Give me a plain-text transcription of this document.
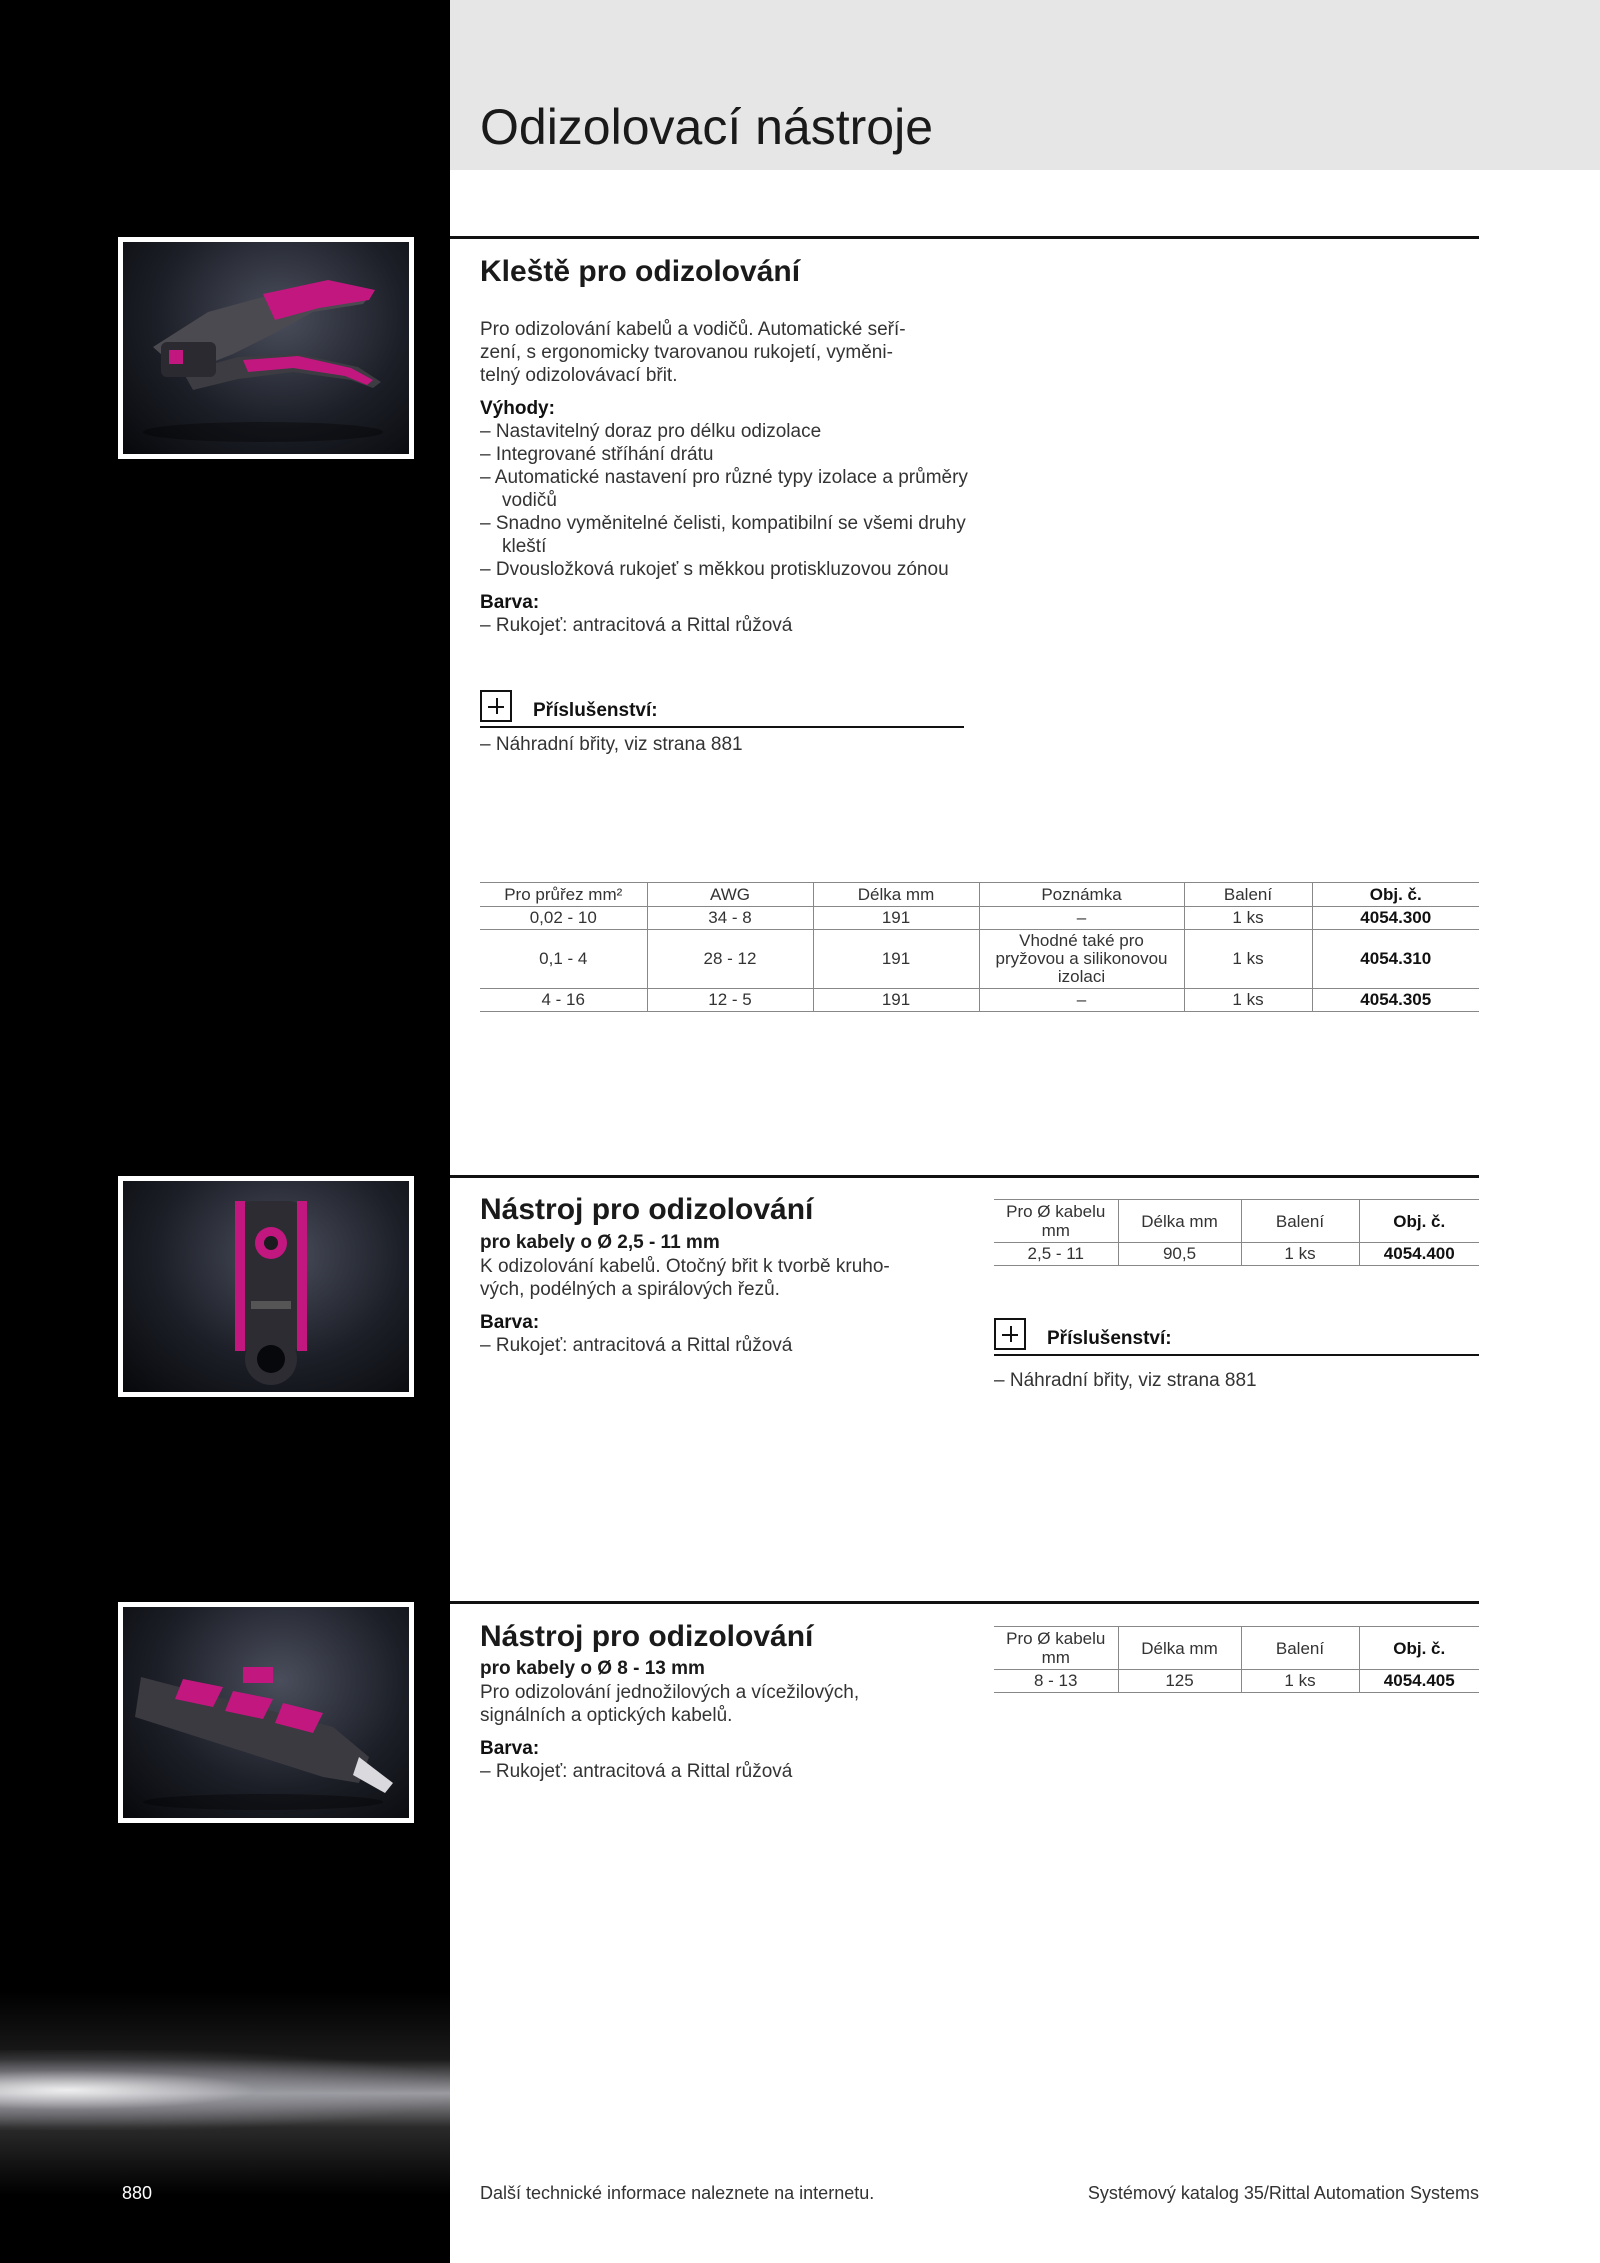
Odizolovací nástroje
Kleště pro odizolování

Pro odizolování kabelů a vodičů. Automatické seří-

zení, s ergonomicky tvarovanou rukojetí, vyměni-

telný odizolovávací břit.

Výhody:

– Nastavitelný doraz pro délku odizolace

– Integrované stříhání drátu

– Automatické nastavení pro různé typy izolace a průměry vodičů

– Snadno vyměnitelné čelisti, kompatibilní se všemi druhy kleští

– Dvousložková rukojeť s měkkou protiskluzovou zónou

Barva:

– Rukojeť: antracitová a Rittal růžová

Příslušenství:
– Náhradní břity, viz strana 881
Pro průřez mm²	AWG	Délka mm	Poznámka	Balení	Obj. č.
0,02 - 10	34 - 8	191	–	1 ks	4054.300
0,1 - 4	28 - 12	191	Vhodné také pro pryžovou a silikonovou izolaci	1 ks	4054.310
4 - 16	12 - 5	191	–	1 ks	4054.305
Nástroj pro odizolování
pro kabely o Ø 2,5 - 11 mm

K odizolování kabelů. Otočný břit k tvorbě kruho-

vých, podélných a spirálových řezů.

Barva:

– Rukojeť: antracitová a Rittal růžová

Pro Ø kabelu mm	Délka mm	Balení	Obj. č.
2,5 - 11	90,5	1 ks	4054.400
Příslušenství:
– Náhradní břity, viz strana 881
Nástroj pro odizolování
pro kabely o Ø 8 - 13 mm

Pro odizolování jednožilových a vícežilových,

signálních a optických kabelů.

Barva:

– Rukojeť: antracitová a Rittal růžová

Pro Ø kabelu mm	Délka mm	Balení	Obj. č.
8 - 13	125	1 ks	4054.405
880	Další technické informace naleznete na internetu.	Systémový katalog 35/Rittal Automation Systems
